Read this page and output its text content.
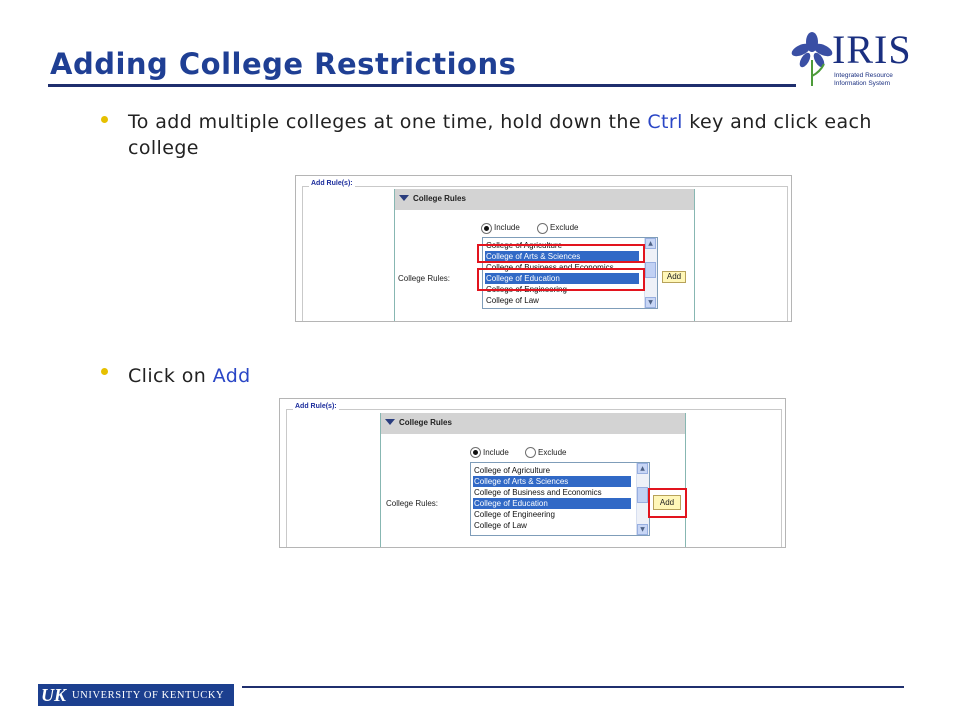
Adding College Restrictions	IRIS
Integrated Resource
Information System
To add multiple colleges at one time, hold down the Ctrl key and click each college
Add Rule(s):
College Rules
Include	Exclude
College Rules:
College of Agriculture
College of Arts & Sciences
College of Business and Economics
College of Education
College of Engineering
College of Law
▲
▼
Add
Click on Add
Add Rule(s):
College Rules
Include	Exclude
College Rules:
College of Agriculture
College of Arts & Sciences
College of Business and Economics
College of Education
College of Engineering
College of Law
▲
▼
Add
UK UNIVERSITY OF KENTUCKY
